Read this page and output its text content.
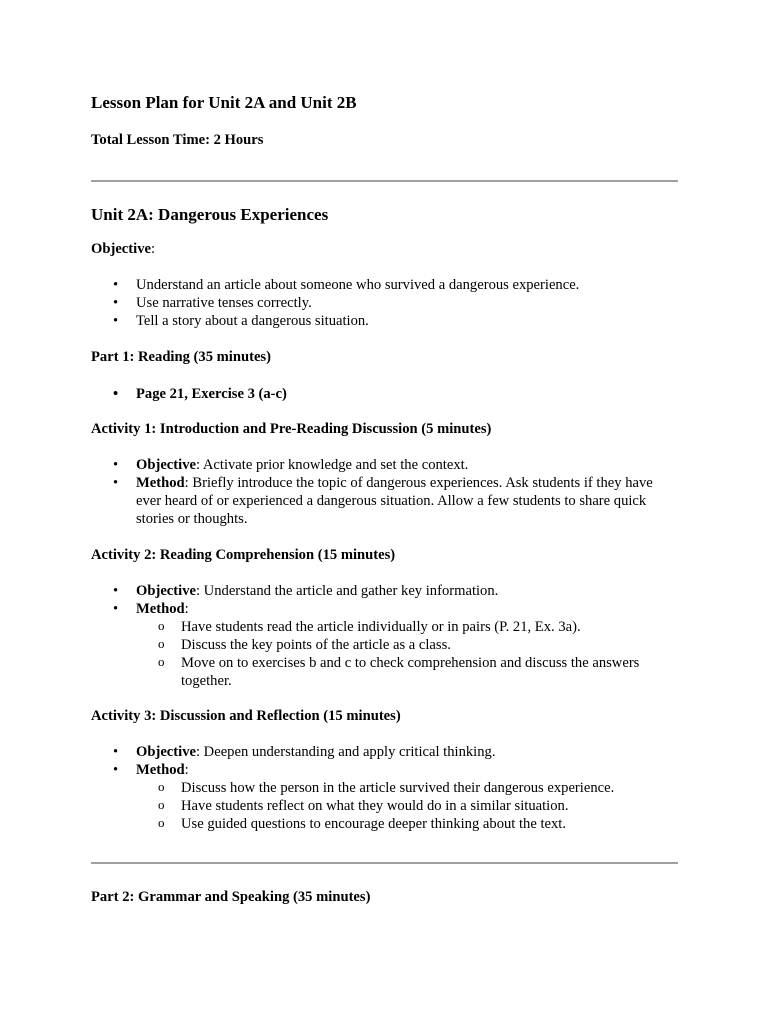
Lesson Plan for Unit 2A and Unit 2B

Total Lesson Time: 2 Hours

Unit 2A: Dangerous Experiences

Objective:

• Understand an article about someone who survived a dangerous experience.
• Use narrative tenses correctly.
• Tell a story about a dangerous situation.

Part 1: Reading (35 minutes)

• Page 21, Exercise 3 (a-c)

Activity 1: Introduction and Pre-Reading Discussion (5 minutes)

• Objective: Activate prior knowledge and set the context.
• Method: Briefly introduce the topic of dangerous experiences. Ask students if they have ever heard of or experienced a dangerous situation. Allow a few students to share quick stories or thoughts.

Activity 2: Reading Comprehension (15 minutes)

• Objective: Understand the article and gather key information.
• Method:
o Have students read the article individually or in pairs (P. 21, Ex. 3a).
o Discuss the key points of the article as a class.
o Move on to exercises b and c to check comprehension and discuss the answers together.

Activity 3: Discussion and Reflection (15 minutes)

• Objective: Deepen understanding and apply critical thinking.
• Method:
o Discuss how the person in the article survived their dangerous experience.
o Have students reflect on what they would do in a similar situation.
o Use guided questions to encourage deeper thinking about the text.

Part 2: Grammar and Speaking (35 minutes)
